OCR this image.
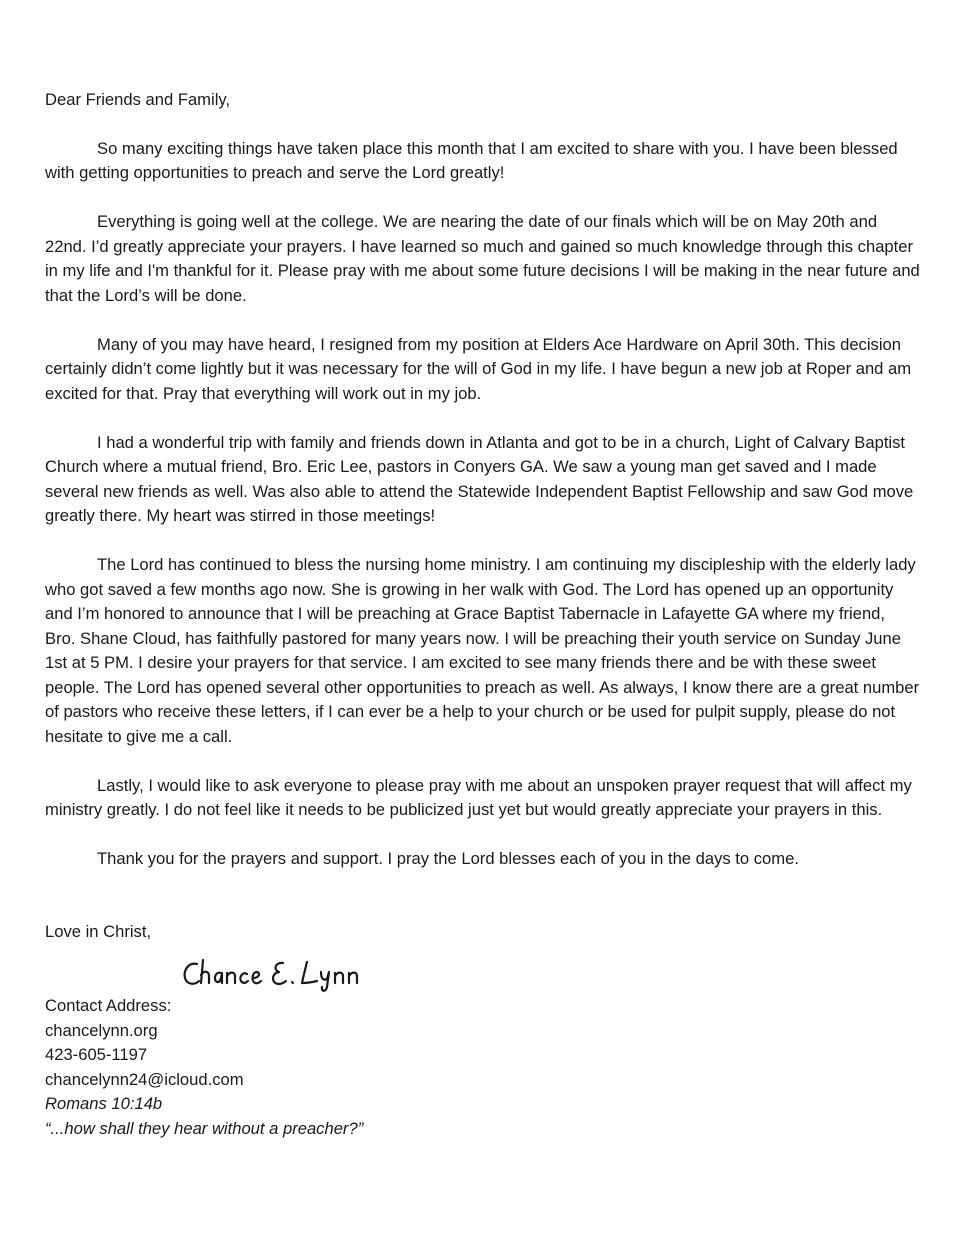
Dear Friends and Family,

So many exciting things have taken place this month that I am excited to share with you. I have been blessed with getting opportunities to preach and serve the Lord greatly!

Everything is going well at the college. We are nearing the date of our finals which will be on May 20th and 22nd. I’d greatly appreciate your prayers. I have learned so much and gained so much knowledge through this chapter in my life and I'm thankful for it. Please pray with me about some future decisions I will be making in the near future and that the Lord’s will be done.

Many of you may have heard, I resigned from my position at Elders Ace Hardware on April 30th. This decision certainly didn’t come lightly but it was necessary for the will of God in my life. I have begun a new job at Roper and am excited for that. Pray that everything will work out in my job.

I had a wonderful trip with family and friends down in Atlanta and got to be in a church, Light of Calvary Baptist Church where a mutual friend, Bro. Eric Lee, pastors in Conyers GA. We saw a young man get saved and I made several new friends as well. Was also able to attend the Statewide Independent Baptist Fellowship and saw God move greatly there. My heart was stirred in those meetings!

The Lord has continued to bless the nursing home ministry. I am continuing my discipleship with the elderly lady who got saved a few months ago now. She is growing in her walk with God. The Lord has opened up an opportunity and I’m honored to announce that I will be preaching at Grace Baptist Tabernacle in Lafayette GA where my friend, Bro. Shane Cloud, has faithfully pastored for many years now. I will be preaching their youth service on Sunday June 1st at 5 PM. I desire your prayers for that service. I am excited to see many friends there and be with these sweet people. The Lord has opened several other opportunities to preach as well. As always, I know there are a great number of pastors who receive these letters, if I can ever be a help to your church or be used for pulpit supply, please do not hesitate to give me a call.

Lastly, I would like to ask everyone to please pray with me about an unspoken prayer request that will affect my ministry greatly. I do not feel like it needs to be publicized just yet but would greatly appreciate your prayers in this.

Thank you for the prayers and support. I pray the Lord blesses each of you in the days to come.

Love in Christ,

Contact Address:
chancelynn.org
423-605-1197
chancelynn24@icloud.com
Romans 10:14b
“...how shall they hear without a preacher?”
